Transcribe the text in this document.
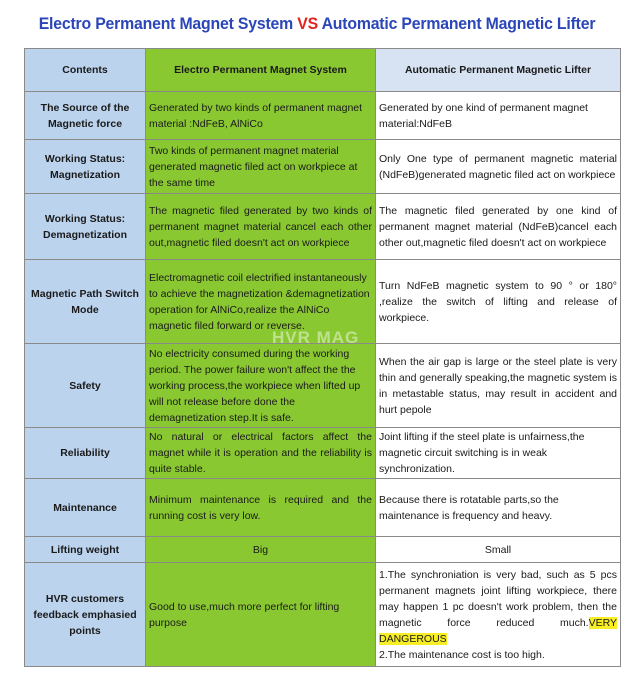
Electro Permanent Magnet System VS Automatic Permanent Magnetic Lifter
Contents	Electro Permanent Magnet System	Automatic Permanent Magnetic Lifter
The Source of the Magnetic force	Generated by two kinds of permanent magnet material :NdFeB, AlNiCo	Generated by one kind of permanent magnet material:NdFeB
Working Status: Magnetization	Two kinds of permanent magnet material generated magnetic filed act on workpiece at the same time	Only One type of permanent magnetic material (NdFeB)generated magnetic filed act on workpiece
Working Status: Demagnetization	The magnetic filed generated by two kinds of permanent magnet material cancel each other out,magnetic filed doesn't act on workpiece	The magnetic filed generated by one kind of permanent magnet material (NdFeB)cancel each other out,magnetic filed doesn't act on workpiece
Magnetic Path Switch Mode	Electromagnetic coil electrified instantaneously to achieve the magnetization &demagnetization operation for AlNiCo,realize the AlNiCo magnetic filed forward or reverse.	Turn NdFeB magnetic system to 90 ° or 180° ,realize the switch of lifting and release of workpiece.
Safety	No electricity consumed during the working period. The power failure won't affect the the working process,the workpiece when lifted up will not release before done the demagnetization step.It is safe.	When the air gap is large or the steel plate is very thin and generally speaking,the magnetic system is in metastable status, may result in accident and hurt pepole
Reliability	No natural or electrical factors affect the magnet while it is operation and the reliability is quite stable.	Joint lifting if the steel plate is unfairness,the magnetic circuit switching is in weak synchronization.
Maintenance	Minimum maintenance is required and the running cost is very low.	Because there is rotatable parts,so the maintenance is frequency and heavy.
Lifting weight	Big	Small
HVR customers feedback emphasied points	Good to use,much more perfect for lifting purpose	1.The synchroniation is very bad, such as 5 pcs permanent magnets joint lifting workpiece, there may happen 1 pc doesn't work problem, then the magnetic force reduced much.VERY DANGEROUS
2.The maintenance cost is too high.
HVR MAG
